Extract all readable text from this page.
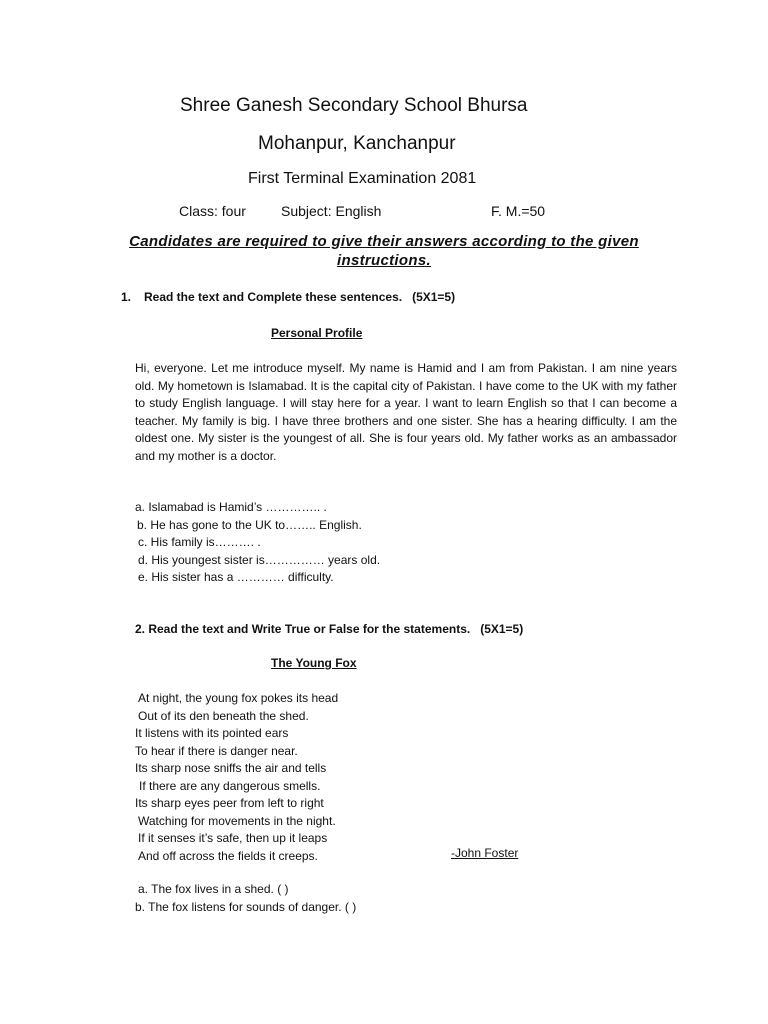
Shree Ganesh Secondary School Bhursa
Mohanpur, Kanchanpur
First Terminal Examination 2081
Class: four	Subject: English	F. M.=50
Candidates are required to give their answers according to the given instructions.
1. Read the text and Complete these sentences. (5X1=5)
Personal Profile
Hi, everyone. Let me introduce myself. My name is Hamid and I am from Pakistan. I am nine years old. My hometown is Islamabad. It is the capital city of Pakistan. I have come to the UK with my father to study English language. I will stay here for a year. I want to learn English so that I can become a teacher. My family is big. I have three brothers and one sister. She has a hearing difficulty. I am the oldest one. My sister is the youngest of all. She is four years old. My father works as an ambassador and my mother is a doctor.
a. Islamabad is Hamid’s ………….. .
b. He has gone to the UK to…….. English.
c. His family is………. .
d. His youngest sister is…………… years old.
e. His sister has a ………… difficulty.
2. Read the text and Write True or False for the statements. (5X1=5)
The Young Fox
At night, the young fox pokes its head
Out of its den beneath the shed.
It listens with its pointed ears
To hear if there is danger near.
Its sharp nose sniffs the air and tells
If there are any dangerous smells.
Its sharp eyes peer from left to right
Watching for movements in the night.
If it senses it’s safe, then up it leaps
And off across the fields it creeps.	-John Foster
a. The fox lives in a shed. ( )
b. The fox listens for sounds of danger. ( )
